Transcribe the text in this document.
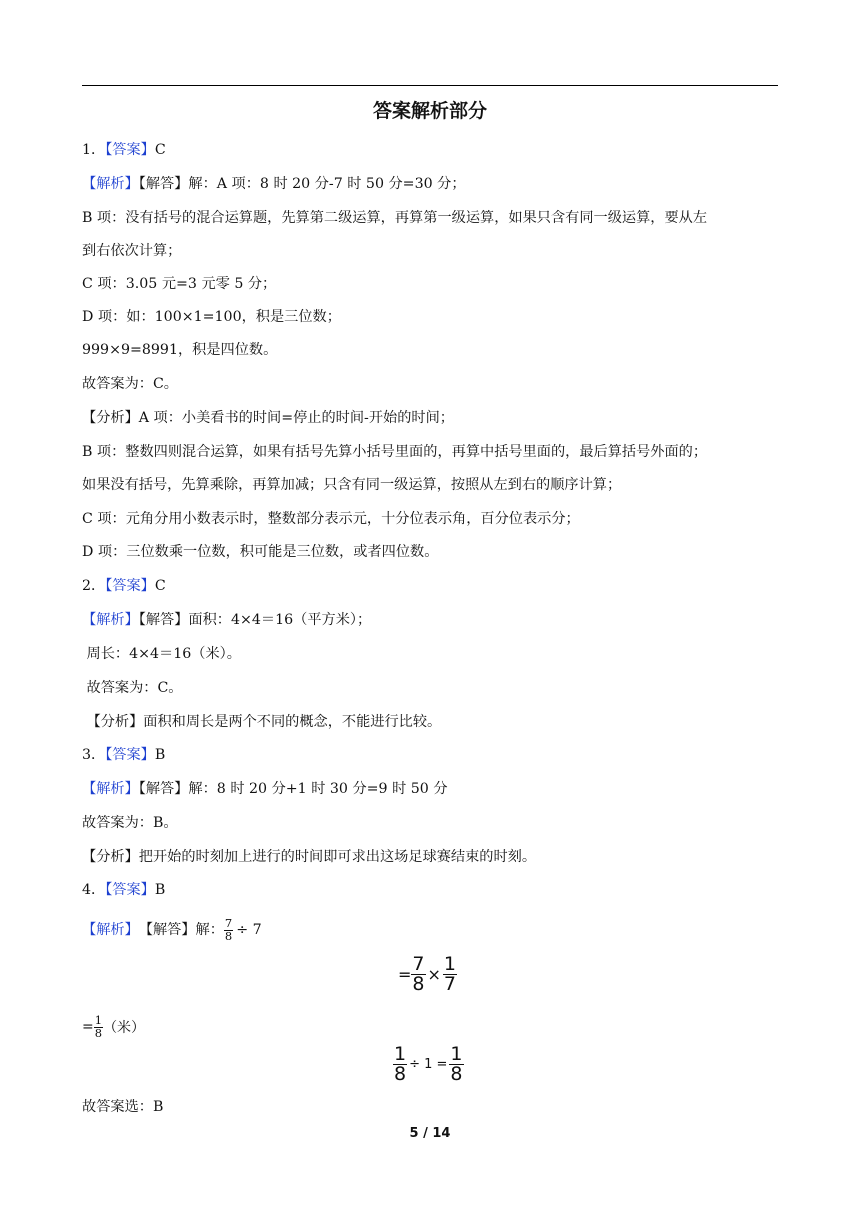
答案解析部分
1．【答案】C
【解析】【解答】解：A 项：8 时 20 分-7 时 50 分=30 分；
B 项：没有括号的混合运算题，先算第二级运算，再算第一级运算，如果只含有同一级运算，要从左
到右依次计算；
C 项：3.05 元=3 元零 5 分；
D 项：如：100×1=100，积是三位数；
999×9=8991，积是四位数。
故答案为：C。
【分析】A 项：小美看书的时间=停止的时间-开始的时间；
B 项：整数四则混合运算，如果有括号先算小括号里面的，再算中括号里面的，最后算括号外面的；
如果没有括号，先算乘除，再算加减；只含有同一级运算，按照从左到右的顺序计算；
C 项：元角分用小数表示时，整数部分表示元，十分位表示角，百分位表示分；
D 项：三位数乘一位数，积可能是三位数，或者四位数。
2．【答案】C
【解析】【解答】面积：4×4＝16（平方米）；
周长：4×4＝16（米）。
故答案为：C。
【分析】面积和周长是两个不同的概念，不能进行比较。
3．【答案】B
【解析】【解答】解：8 时 20 分+1 时 30 分=9 时 50 分
故答案为：B。
【分析】把开始的时刻加上进行的时间即可求出这场足球赛结束的时刻。
4．【答案】B
【解析】 【解答】解： $\frac{7}{8} \div 7$
= $\frac{7}{8} \times \frac{1}{7}$
= $\frac{1}{8}$ （米）
$\frac{1}{8} \div 1 = \frac{1}{8}$
故答案选：B
5 / 14
